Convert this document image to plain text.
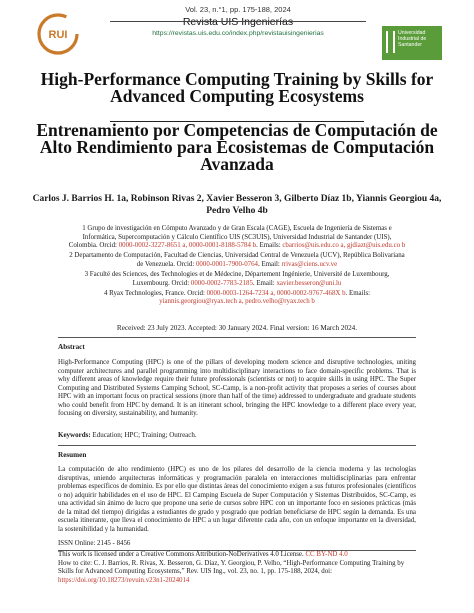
RUI
Vol. 23, n.°1, pp. 175-188, 2024
Revista UIS Ingenierías
https://revistas.uis.edu.co/index.php/revistauisingenierias	Universidad
Industrial de
Santander
High-Performance Computing Training by Skills for Advanced Computing Ecosystems
Entrenamiento por Competencias de Computación de Alto Rendimiento para Ecosistemas de Computación Avanzada
Carlos J. Barrios H. 1a, Robinson Rivas 2, Xavier Besseron 3, Gilberto Díaz 1b, Yiannis Georgiou 4a, Pedro Velho 4b

1 Grupo de investigación en Cómputo Avanzado y de Gran Escala (CAGE), Escuela de Ingeniería de Sistemas e Informática, Supercomputación y Cálculo Científico UIS (SC3UIS), Universidad Industrial de Santander (UIS), Colombia. Orcid: 0000-0002-3227-8651 a, 0000-0001-8188-5784 b. Emails: cbarrios@uis.edu.co a, gjdiazt@uis.edu.co b

2 Departamento de Computación, Facultad de Ciencias, Universidad Central de Venezuela (UCV), República Bolivariana de Venezuela. Orcid: 0000-0001-7900-0764. Email: rrivas@ciens.ucv.ve

3 Faculté des Sciences, des Technologies et de Médecine, Département Ingénierie, Université de Luxembourg, Luxembourg. Orcid: 0000-0002-7783-2185. Email: xavier.besseron@uni.lu

4 Ryax Technologies, France. Orcid: 0000-0003-1264-7234 a, 0000-0002-9767-468X b. Emails: yiannis.georgiou@ryax.tech a, pedro.velho@ryax.tech b

Received: 23 July 2023. Accepted: 30 January 2024. Final version: 16 March 2024.
Abstract
High-Performance Computing (HPC) is one of the pillars of developing modern science and disruptive technologies, uniting computer architectures and parallel programming into multidisciplinary interactions to face domain-specific problems. That is why different areas of knowledge require their future professionals (scientists or not) to acquire skills in using HPC. The Super Computing and Distributed Systems Camping School, SC-Camp, is a non-profit activity that proposes a series of courses about HPC with an important focus on practical sessions (more than half of the time) addressed to undergraduate and graduate students who could benefit from HPC by demand. It is an itinerant school, bringing the HPC knowledge to a different place every year, focusing on diversity, sustainability, and humanity.
Keywords: Education; HPC; Training; Outreach.
Resumen
La computación de alto rendimiento (HPC) es uno de los pilares del desarrollo de la ciencia moderna y las tecnologías disruptivas, uniendo arquitecturas informáticas y programación paralela en interacciones multidisciplinarias para enfrentar problemas específicos de dominio. Es por ello que distintas áreas del conocimiento exigen a sus futuros profesionales (científicos o no) adquirir habilidades en el uso de HPC. El Camping Escuela de Super Computación y Sistemas Distribuidos, SC-Camp, es una actividad sin ánimo de lucro que propone una serie de cursos sobre HPC con un importante foco en sesiones prácticas (más de la mitad del tiempo) dirigidas a estudiantes de grado y posgrado que podrían beneficiarse de HPC según la demanda. Es una escuela itinerante, que lleva el conocimiento de HPC a un lugar diferente cada año, con un enfoque importante en la diversidad, la sostenibilidad y la humanidad.
ISSN Online: 2145 - 8456
This work is licensed under a Creative Commons Attribution-NoDerivatives 4.0 License. CC BY-ND 4.0
How to cite: C. J. Barrios, R. Rivas, X. Besseron, G. Díaz, Y. Georgiou, P. Velho, “High-Performance Computing Training by Skills for Advanced Computing Ecosystems,” Rev. UIS Ing., vol. 23, no. 1, pp. 175-188, 2024, doi: https://doi.org/10.18273/revuin.v23n1-2024014
